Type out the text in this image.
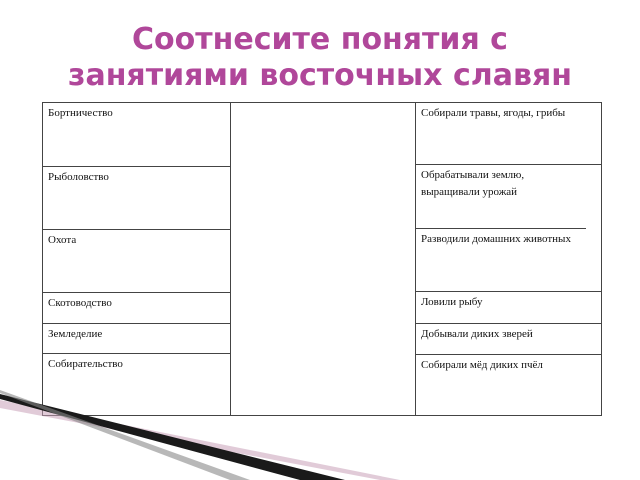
Соотнесите понятия с
занятиями восточных славян
Бортничество
Рыболовство
Охота
Скотоводство
Земледелие
Собирательство
Собирали травы, ягоды, грибы
Обрабатывали землю, выращивали урожай
Разводили домашних животных
Ловили рыбу
Добывали диких зверей
Собирали мёд диких пчёл
